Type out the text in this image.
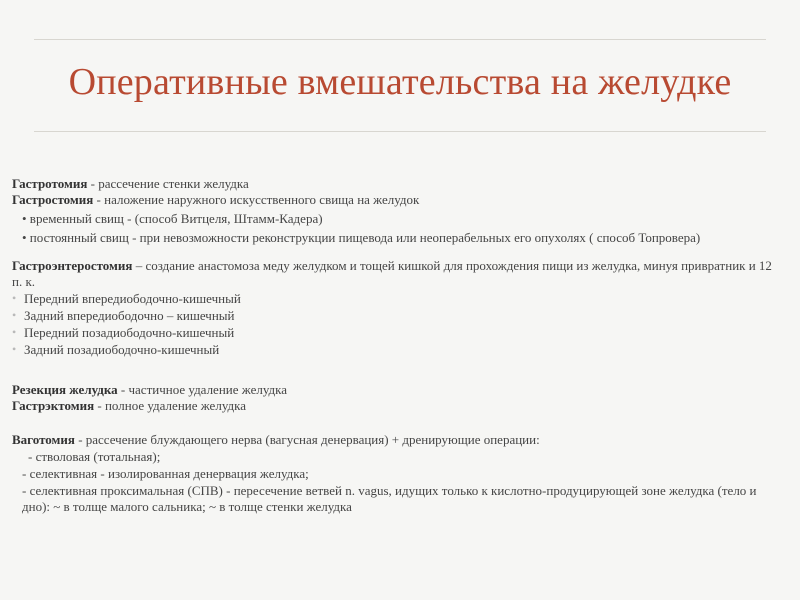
Оперативные вмешательства на желудке

Гастротомия - рассечение стенки желудка

Гастростомия - наложение наружного искусственного свища на желудок

• временный свищ - (способ Витцеля, Штамм-Кадера)

• постоянный свищ - при невозможности реконструкции пищевода или неоперабельных его опухолях ( способ Топровера)

Гастроэнтеростомия – создание анастомоза меду желудком и тощей кишкой для прохождения пищи из желудка, минуя привратник и 12 п. к.

• Передний впередиободочно-кишечный

• Задний впередиободочно – кишечный

• Передний позадиободочно-кишечный

• Задний позадиободочно-кишечный

Резекция желудка - частичное удаление желудка

Гастрэктомия - полное удаление желудка

Ваготомия - рассечение блуждающего нерва (вагусная денервация) + дренирующие операции:

- стволовая (тотальная);

- селективная - изолированная денервация желудка;

- селективная проксимальная (СПВ) - пересечение ветвей n. vagus, идущих только к кислотно-продуцирующей зоне желудка (тело и дно): ~ в толще малого сальника; ~ в толще стенки желудка
